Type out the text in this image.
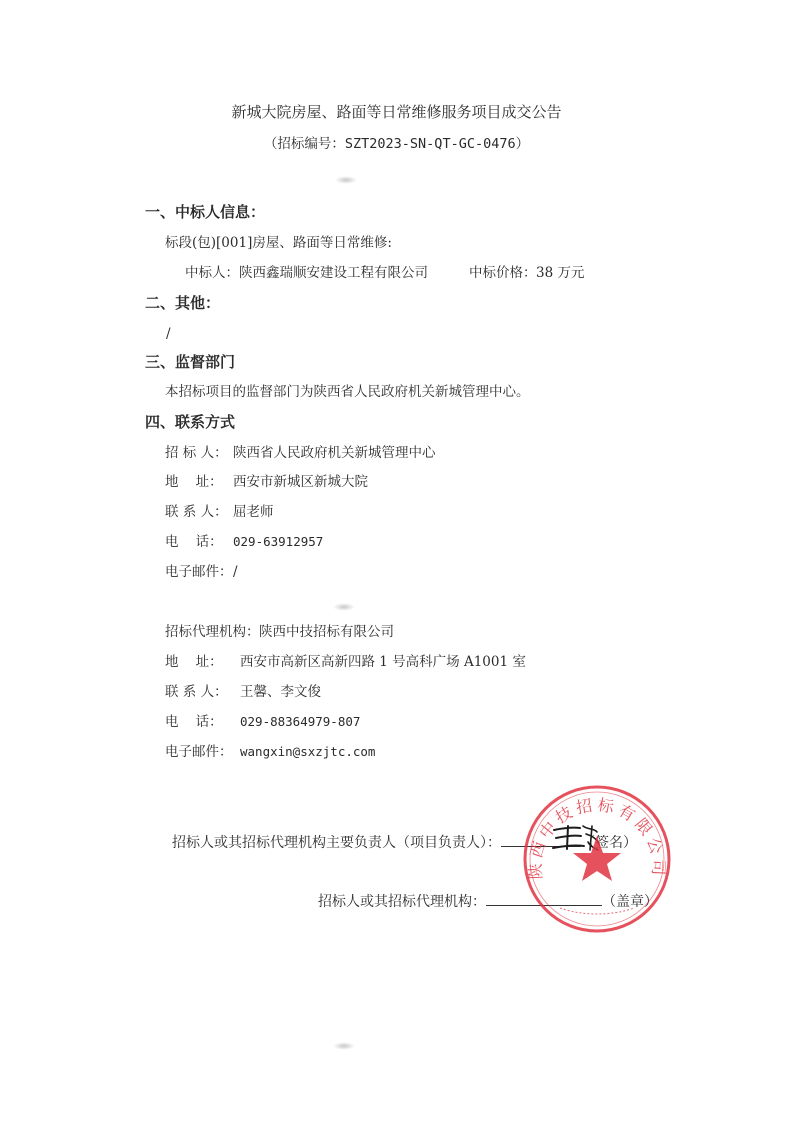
新城大院房屋、路面等日常维修服务项目成交公告
（招标编号：SZT2023-SN-QT-GC-0476）
一、中标人信息：
标段(包)[001]房屋、路面等日常维修:
中标人： 陕西鑫瑞顺安建设工程有限公司	中标价格： 38 万元
二、其他：
/
三、监督部门
本招标项目的监督部门为陕西省人民政府机关新城管理中心。
四、联系方式
招 标 人： 陕西省人民政府机关新城管理中心
地    址： 西安市新城区新城大院
联 系 人： 屈老师
电    话： 029-63912957
电子邮件： /
招标代理机构： 陕西中技招标有限公司
地    址： 西安市高新区高新四路 1 号高科广场 A1001 室
联 系 人： 王馨、李文俊
电    话： 029-88364979-807
电子邮件： wangxin@sxzjtc.com
招标人或其招标代理机构主要负责人（项目负责人）：	（签名）
招标人或其招标代理机构：	（盖章）
陕西中技招标有限公司
